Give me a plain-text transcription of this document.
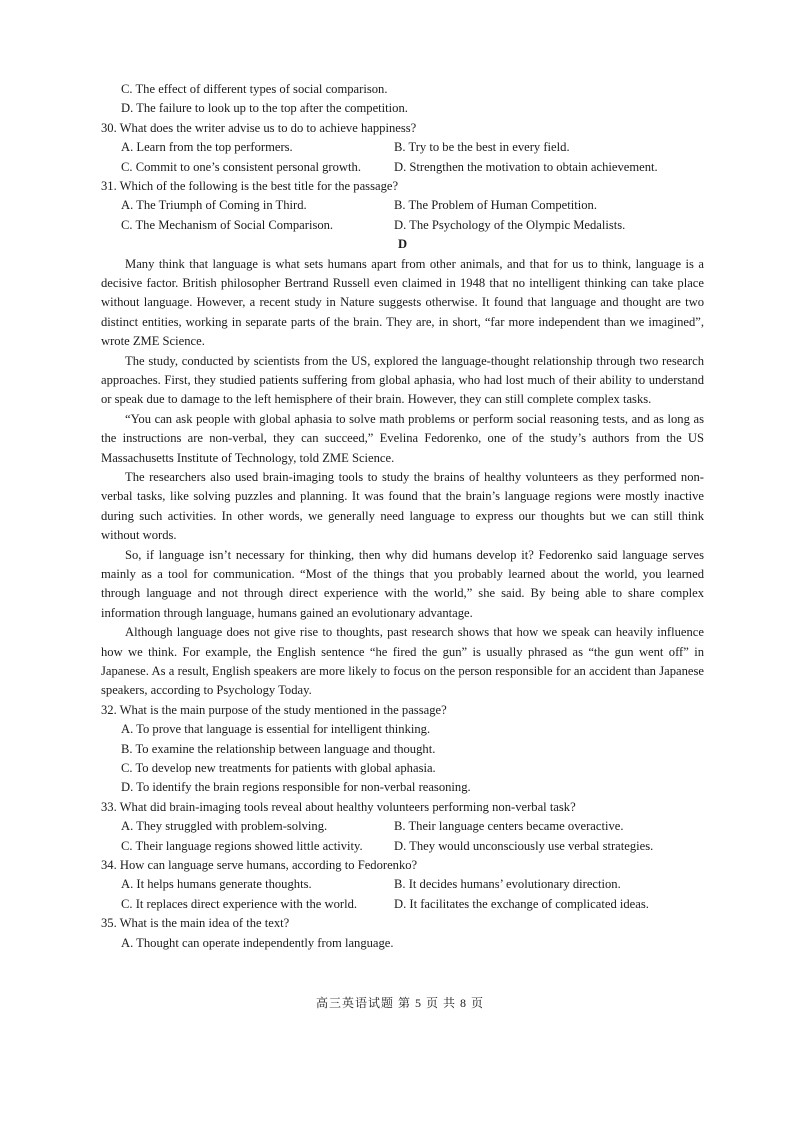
C. The effect of different types of social comparison.
D. The failure to look up to the top after the competition.
30. What does the writer advise us to do to achieve happiness?
A. Learn from the top performers.	B. Try to be the best in every field.
C. Commit to one’s consistent personal growth.	D. Strengthen the motivation to obtain achievement.
31. Which of the following is the best title for the passage?
A. The Triumph of Coming in Third.	B. The Problem of Human Competition.
C. The Mechanism of Social Comparison.	D. The Psychology of the Olympic Medalists.
D

Many think that language is what sets humans apart from other animals, and that for us to think, language is a decisive factor. British philosopher Bertrand Russell even claimed in 1948 that no intelligent thinking can take place without language. However, a recent study in Nature suggests otherwise. It found that language and thought are two distinct entities, working in separate parts of the brain. They are, in short, “far more independent than we imagined”, wrote ZME Science.

The study, conducted by scientists from the US, explored the language-thought relationship through two research approaches. First, they studied patients suffering from global aphasia, who had lost much of their ability to understand or speak due to damage to the left hemisphere of their brain. However, they can still complete complex tasks.

“You can ask people with global aphasia to solve math problems or perform social reasoning tests, and as long as the instructions are non-verbal, they can succeed,” Evelina Fedorenko, one of the study’s authors from the US Massachusetts Institute of Technology, told ZME Science.

The researchers also used brain-imaging tools to study the brains of healthy volunteers as they performed non-verbal tasks, like solving puzzles and planning. It was found that the brain’s language regions were mostly inactive during such activities. In other words, we generally need language to express our thoughts but we can still think without words.

So, if language isn’t necessary for thinking, then why did humans develop it? Fedorenko said language serves mainly as a tool for communication. “Most of the things that you probably learned about the world, you learned through language and not through direct experience with the world,” she said. By being able to share complex information through language, humans gained an evolutionary advantage.

Although language does not give rise to thoughts, past research shows that how we speak can heavily influence how we think. For example, the English sentence “he fired the gun” is usually phrased as “the gun went off” in Japanese. As a result, English speakers are more likely to focus on the person responsible for an accident than Japanese speakers, according to Psychology Today.

32. What is the main purpose of the study mentioned in the passage?
A. To prove that language is essential for intelligent thinking.
B. To examine the relationship between language and thought.
C. To develop new treatments for patients with global aphasia.
D. To identify the brain regions responsible for non-verbal reasoning.
33. What did brain-imaging tools reveal about healthy volunteers performing non-verbal task?
A. They struggled with problem-solving.	B. Their language centers became overactive.
C. Their language regions showed little activity.	D. They would unconsciously use verbal strategies.
34. How can language serve humans, according to Fedorenko?
A. It helps humans generate thoughts.	B. It decides humans’ evolutionary direction.
C. It replaces direct experience with the world.	D. It facilitates the exchange of complicated ideas.
35. What is the main idea of the text?
A. Thought can operate independently from language.
高三英语试题 第 5 页 共 8 页
